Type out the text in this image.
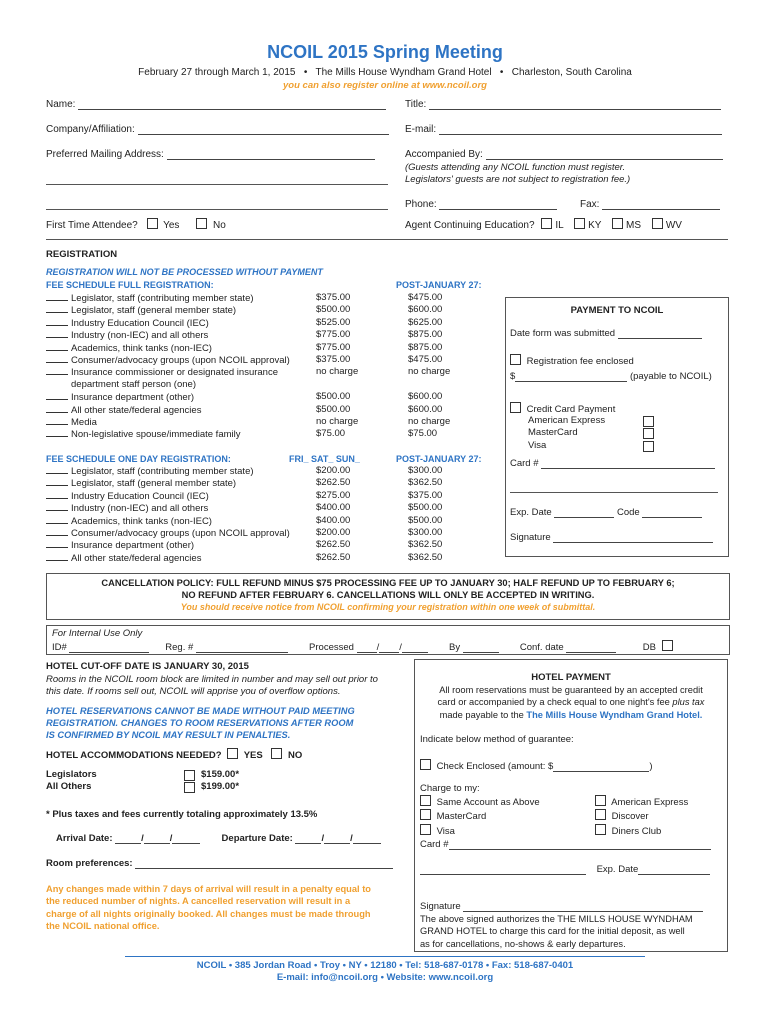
NCOIL 2015 Spring Meeting
February 27 through March 1, 2015   •   The Mills House Wyndham Grand Hotel   •   Charleston, South Carolina
you can also register online at www.ncoil.org
Name:	Title:
Company/Affiliation:	E-mail:
Preferred Mailing Address:	Accompanied By:
(Guests attending any NCOIL function must register.
Legislators' guests are not subject to registration fee.)
Phone:	Fax:
First Time Attendee?	Yes	No	Agent Continuing Education? IL KY MS WV
REGISTRATION
REGISTRATION WILL NOT BE PROCESSED WITHOUT PAYMENT
FEE SCHEDULE FULL REGISTRATION:	POST-JANUARY 27:
Legislator, staff (contributing member state)	$375.00	$475.00
Legislator, staff (general member state)	$500.00	$600.00
Industry Education Council (IEC)	$525.00	$625.00
Industry (non-IEC) and all others	$775.00	$875.00
Academics, think tanks (non-IEC)	$775.00	$875.00
Consumer/advocacy groups (upon NCOIL approval)	$375.00	$475.00
Insurance commissioner or designated insurance	no charge	no charge
department staff person (one)
Insurance department (other)	$500.00	$600.00
All other state/federal agencies	$500.00	$600.00
Media	no charge	no charge
Non-legislative spouse/immediate family	$75.00	$75.00
FEE SCHEDULE ONE DAY REGISTRATION:	FRI_ SAT_ SUN_	POST-JANUARY 27:
Legislator, staff (contributing member state)	$200.00	$300.00
Legislator, staff (general member state)	$262.50	$362.50
Industry Education Council (IEC)	$275.00	$375.00
Industry (non-IEC) and all others	$400.00	$500.00
Academics, think tanks (non-IEC)	$400.00	$500.00
Consumer/advocacy groups (upon NCOIL approval)	$200.00	$300.00
Insurance department (other)	$262.50	$362.50
All other state/federal agencies	$262.50	$362.50
PAYMENT TO NCOIL
Date form was submitted
Registration fee enclosed
$	(payable to NCOIL)
Credit Card Payment
American Express
MasterCard
Visa
Card #
Exp. Date	Code
Signature
CANCELLATION POLICY: FULL REFUND MINUS $75 PROCESSING FEE UP TO JANUARY 30; HALF REFUND UP TO FEBRUARY 6;
NO REFUND AFTER FEBRUARY 6. CANCELLATIONS WILL ONLY BE ACCEPTED IN WRITING.
You should receive notice from NCOIL confirming your registration within one week of submittal.
For Internal Use Only
ID#	Reg. #	Processed / /	By	Conf. date	DB
HOTEL CUT-OFF DATE IS JANUARY 30, 2015
Rooms in the NCOIL room block are limited in number and may sell out prior to
this date. If rooms sell out, NCOIL will apprise you of overflow options.
HOTEL RESERVATIONS CANNOT BE MADE WITHOUT PAID MEETING
REGISTRATION. CHANGES TO ROOM RESERVATIONS AFTER ROOM
IS CONFIRMED BY NCOIL MAY RESULT IN PENALTIES.
HOTEL ACCOMMODATIONS NEEDED? YES	NO
Legislators	$159.00*
All Others	$199.00*
* Plus taxes and fees currently totaling approximately 13.5%
Arrival Date:	/	/	Departure Date:	/	/
Room preferences:
Any changes made within 7 days of arrival will result in a penalty equal to
the reduced number of nights. A cancelled reservation will result in a
charge of all nights originally booked. All changes must be made through
the NCOIL national office.
HOTEL PAYMENT
All room reservations must be guaranteed by an accepted credit
card or accompanied by a check equal to one night's fee plus tax
made payable to the The Mills House Wyndham Grand Hotel.
Indicate below method of guarantee:
Check Enclosed (amount: $	)
Charge to my:
Same Account as Above
MasterCard
Visa
American Express
Discover
Diners Club
Card #
Exp. Date
Signature
The above signed authorizes the THE MILLS HOUSE WYNDHAM
GRAND HOTEL to charge this card for the initial deposit, as well
as for cancellations, no-shows & early departures.
NCOIL • 385 Jordan Road • Troy • NY • 12180 • Tel: 518-687-0178 • Fax: 518-687-0401
E-mail: info@ncoil.org • Website: www.ncoil.org
